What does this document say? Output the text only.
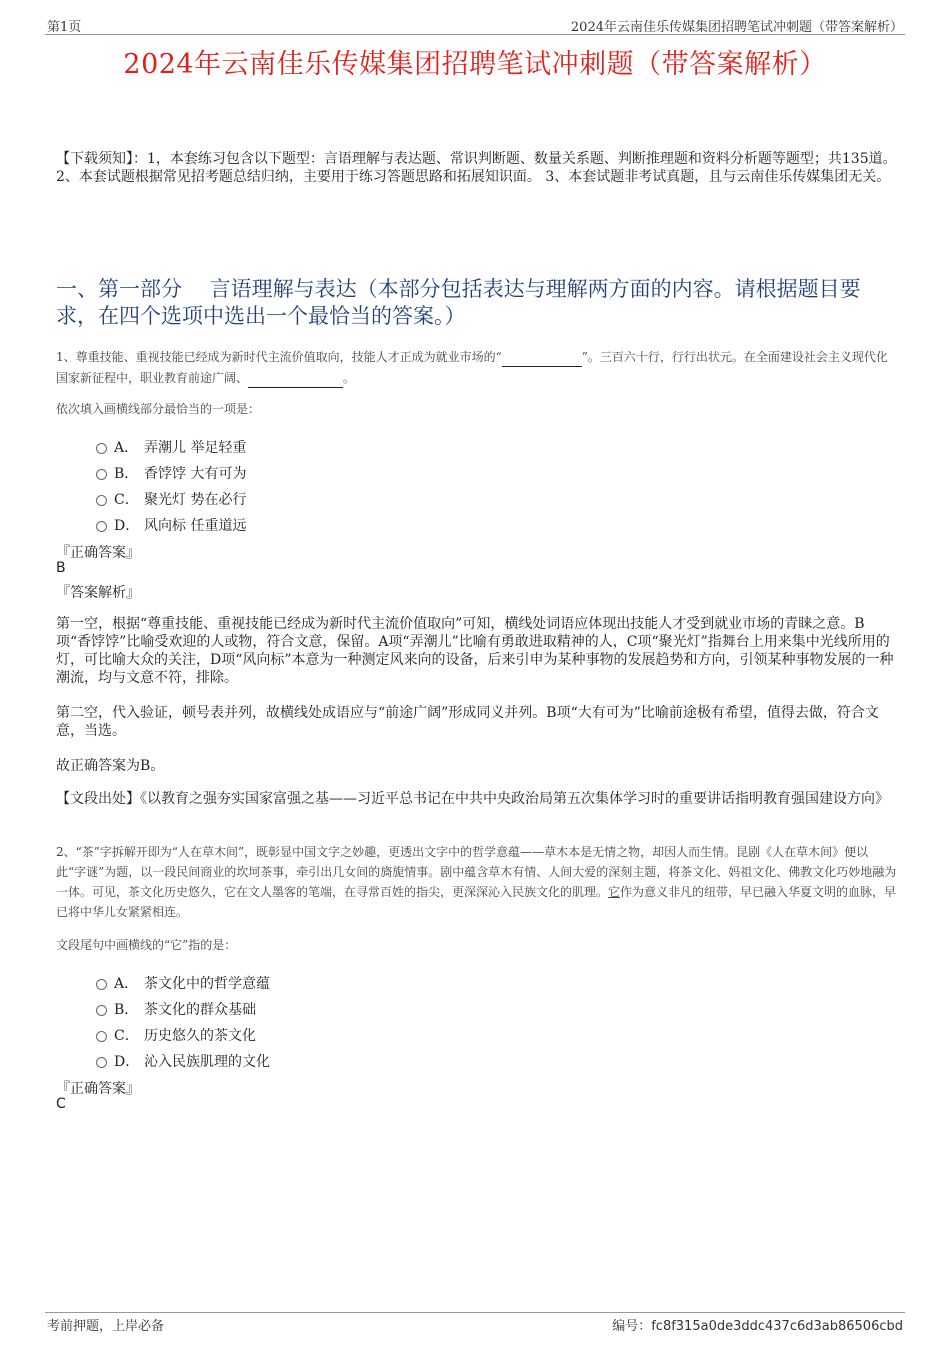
第1页	2024年云南佳乐传媒集团招聘笔试冲刺题（带答案解析）
2024年云南佳乐传媒集团招聘笔试冲刺题（带答案解析）
【下载须知】：1，本套练习包含以下题型：言语理解与表达题、常识判断题、数量关系题、判断推理题和资料分析题等题型；共135道。 2、本套试题根据常见招考题总结归纳，主要用于练习答题思路和拓展知识面。 3、本套试题非考试真题，且与云南佳乐传媒集团无关。
一、第一部分　 言语理解与表达（本部分包括表达与理解两方面的内容。请根据题目要求，在四个选项中选出一个最恰当的答案。）
1、尊重技能、重视技能已经成为新时代主流价值取向，技能人才正成为就业市场的“	”。三百六十行，行行出状元。在全面建设社会主义现代化国家新征程中，职业教育前途广阔、	。
依次填入画横线部分最恰当的一项是：
A． 弄潮儿 举足轻重
B． 香饽饽 大有可为
C． 聚光灯 势在必行
D． 风向标 任重道远
『正确答案』
B
『答案解析』
第一空，根据“尊重技能、重视技能已经成为新时代主流价值取向”可知，横线处词语应体现出技能人才受到就业市场的青睐之意。B项“香饽饽”比喻受欢迎的人或物，符合文意，保留。A项“弄潮儿”比喻有勇敢进取精神的人，C项“聚光灯”指舞台上用来集中光线所用的灯，可比喻大众的关注，D项“风向标”本意为一种测定风来向的设备，后来引申为某种事物的发展趋势和方向，引领某种事物发展的一种潮流，均与文意不符，排除。
第二空，代入验证，顿号表并列，故横线处成语应与“前途广阔”形成同义并列。B项“大有可为”比喻前途极有希望，值得去做，符合文意，当选。
故正确答案为B。
【文段出处】《以教育之强夯实国家富强之基——习近平总书记在中共中央政治局第五次集体学习时的重要讲话指明教育强国建设方向》
2、“茶”字拆解开即为“人在草木间”，既彰显中国文字之妙趣，更透出文字中的哲学意蕴——草木本是无情之物，却因人而生情。昆剧《人在草木间》便以此“字谜”为题，以一段民间商业的坎坷茶事，牵引出几女间的旖旎情事。剧中蕴含草木有情、人间大爱的深刻主题，将茶文化、妈祖文化、佛教文化巧妙地融为一体。可见，茶文化历史悠久，它在文人墨客的笔端，在寻常百姓的指尖，更深深沁入民族文化的肌理。它作为意义非凡的纽带，早已融入华夏文明的血脉，早已将中华儿女紧紧相连。
文段尾句中画横线的“它”指的是：
A． 茶文化中的哲学意蕴
B． 茶文化的群众基础
C． 历史悠久的茶文化
D． 沁入民族肌理的文化
『正确答案』
C
考前押题，上岸必备	编号：fc8f315a0de3ddc437c6d3ab86506cbd
